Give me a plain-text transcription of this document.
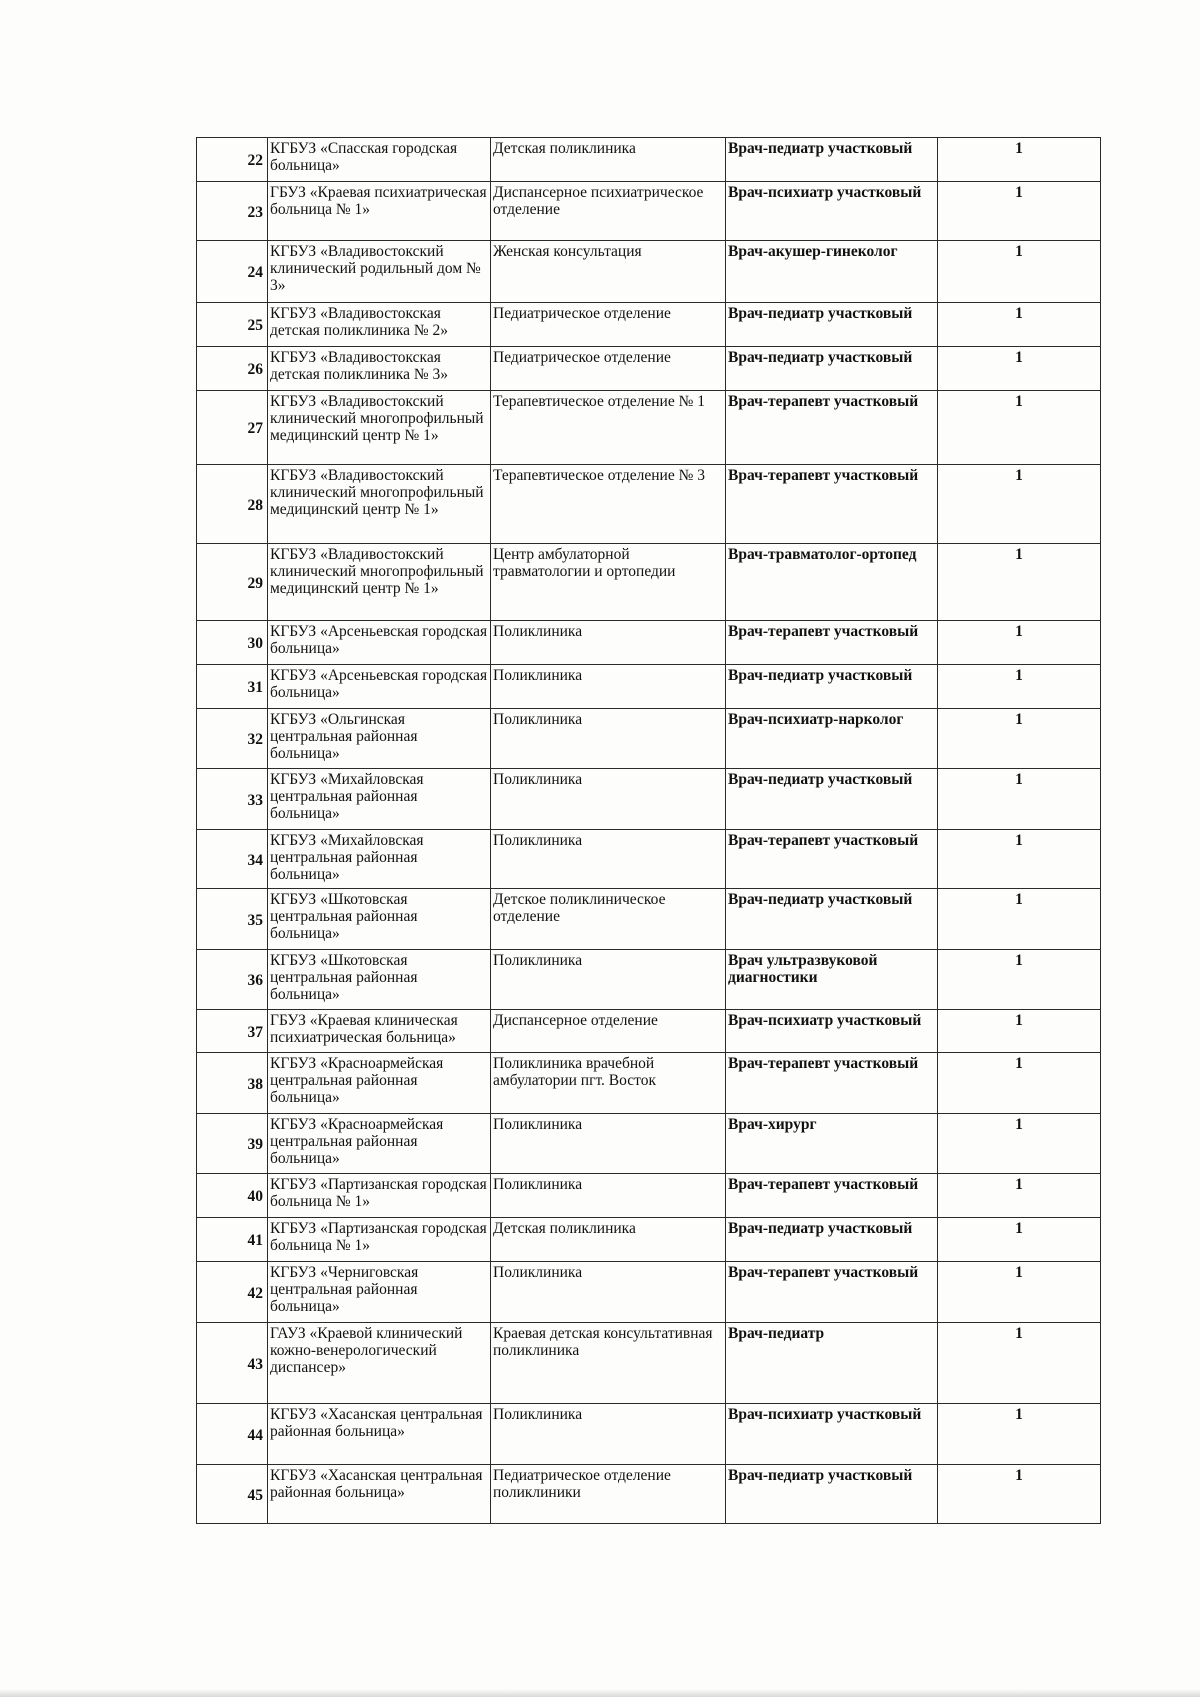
22	КГБУЗ «Спасская городская больница»	Детская поликлиника	Врач-педиатр участковый	1
23	ГБУЗ «Краевая психиатрическая больница № 1»	Диспансерное психиатрическое отделение	Врач-психиатр участковый	1
24	КГБУЗ «Владивостокский клинический родильный дом № 3»	Женская консультация	Врач-акушер-гинеколог	1
25	КГБУЗ «Владивостокская детская поликлиника № 2»	Педиатрическое отделение	Врач-педиатр участковый	1
26	КГБУЗ «Владивостокская детская поликлиника № 3»	Педиатрическое отделение	Врач-педиатр участковый	1
27	КГБУЗ «Владивостокский клинический многопрофильный медицинский центр № 1»	Терапевтическое отделение № 1	Врач-терапевт участковый	1
28	КГБУЗ «Владивостокский клинический многопрофильный медицинский центр № 1»	Терапевтическое отделение № 3	Врач-терапевт участковый	1
29	КГБУЗ «Владивостокский клинический многопрофильный медицинский центр № 1»	Центр амбулаторной травматологии и ортопедии	Врач-травматолог-ортопед	1
30	КГБУЗ «Арсеньевская городская больница»	Поликлиника	Врач-терапевт участковый	1
31	КГБУЗ «Арсеньевская городская больница»	Поликлиника	Врач-педиатр участковый	1
32	КГБУЗ «Ольгинская центральная районная больница»	Поликлиника	Врач-психиатр-нарколог	1
33	КГБУЗ «Михайловская центральная районная больница»	Поликлиника	Врач-педиатр участковый	1
34	КГБУЗ «Михайловская центральная районная больница»	Поликлиника	Врач-терапевт участковый	1
35	КГБУЗ «Шкотовская центральная районная больница»	Детское поликлиническое отделение	Врач-педиатр участковый	1
36	КГБУЗ «Шкотовская центральная районная больница»	Поликлиника	Врач ультразвуковой диагностики	1
37	ГБУЗ «Краевая клиническая психиатрическая больница»	Диспансерное отделение	Врач-психиатр участковый	1
38	КГБУЗ «Красноармейская центральная районная больница»	Поликлиника врачебной амбулатории пгт. Восток	Врач-терапевт участковый	1
39	КГБУЗ «Красноармейская центральная районная больница»	Поликлиника	Врач-хирург	1
40	КГБУЗ «Партизанская городская больница № 1»	Поликлиника	Врач-терапевт участковый	1
41	КГБУЗ «Партизанская городская больница № 1»	Детская поликлиника	Врач-педиатр участковый	1
42	КГБУЗ «Черниговская центральная районная больница»	Поликлиника	Врач-терапевт участковый	1
43	ГАУЗ «Краевой клинический кожно-венерологический диспансер»	Краевая детская консультативная поликлиника	Врач-педиатр	1
44	КГБУЗ «Хасанская центральная районная больница»	Поликлиника	Врач-психиатр участковый	1
45	КГБУЗ «Хасанская центральная районная больница»	Педиатрическое отделение поликлиники	Врач-педиатр участковый	1
